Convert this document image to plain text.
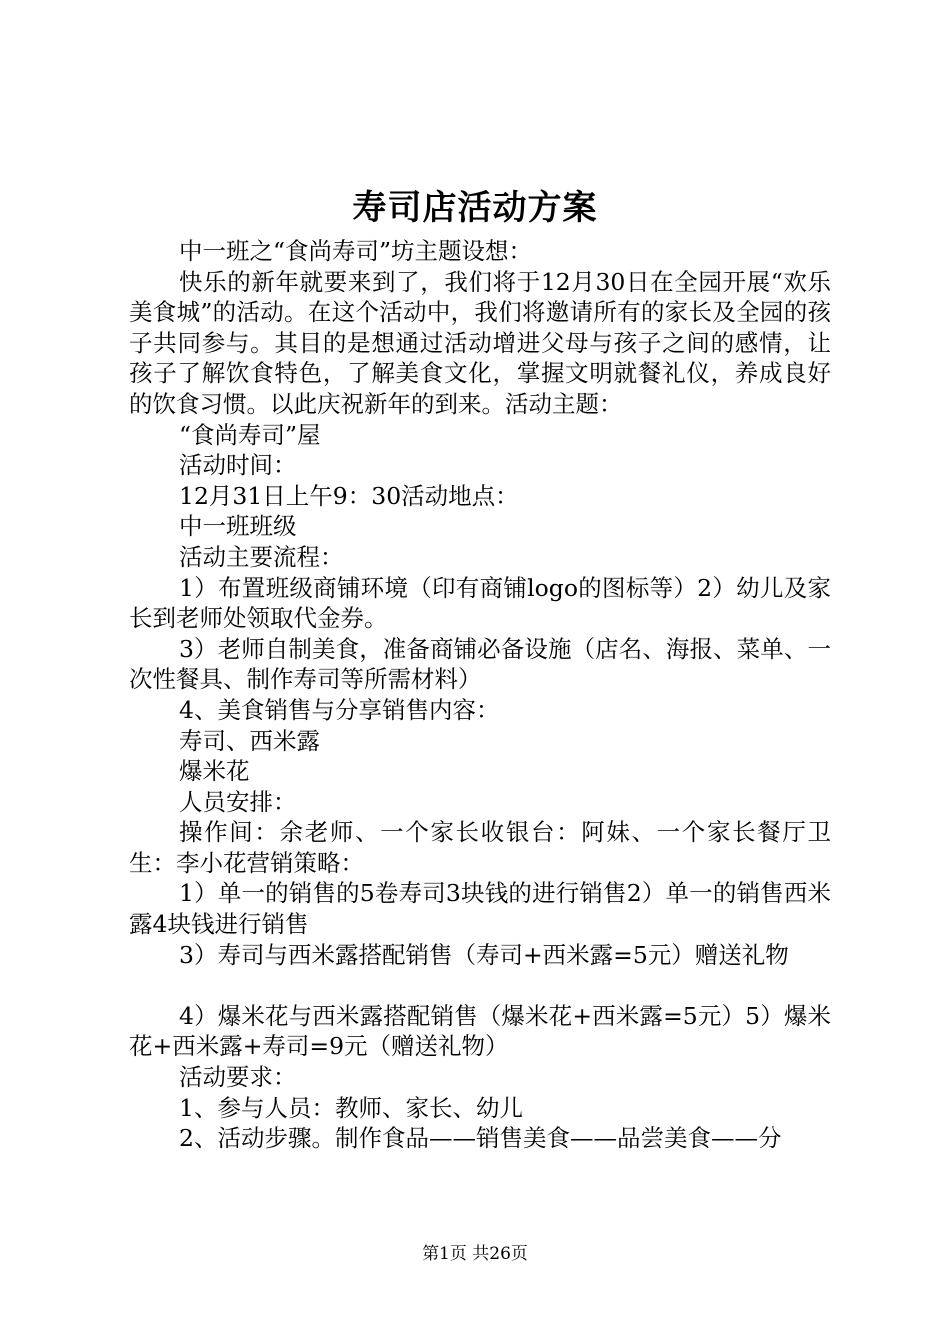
寿司店活动方案

中一班之“食尚寿司”坊主题设想：

快乐的新年就要来到了，我们将于12月30日在全园开展“欢乐美食城”的活动。在这个活动中，我们将邀请所有的家长及全园的孩子共同参与。其目的是想通过活动增进父母与孩子之间的感情，让孩子了解饮食特色，了解美食文化，掌握文明就餐礼仪，养成良好的饮食习惯。以此庆祝新年的到来。活动主题：

“食尚寿司”屋

活动时间：

12月31日上午9：30活动地点：

中一班班级

活动主要流程：

1）布置班级商铺环境（印有商铺logo的图标等）2）幼儿及家长到老师处领取代金券。

3）老师自制美食，准备商铺必备设施（店名、海报、菜单、一次性餐具、制作寿司等所需材料）

4、美食销售与分享销售内容：

寿司、西米露

爆米花

人员安排：

操作间：余老师、一个家长收银台：阿妹、一个家长餐厅卫生：李小花营销策略：

1）单一的销售的5卷寿司3块钱的进行销售2）单一的销售西米露4块钱进行销售

3）寿司与西米露搭配销售（寿司+西米露=5元）赠送礼物

4）爆米花与西米露搭配销售（爆米花+西米露=5元）5）爆米花+西米露+寿司=9元（赠送礼物）

活动要求：

1、参与人员：教师、家长、幼儿

2、活动步骤。制作食品——销售美食——品尝美食——分

第1页 共26页
